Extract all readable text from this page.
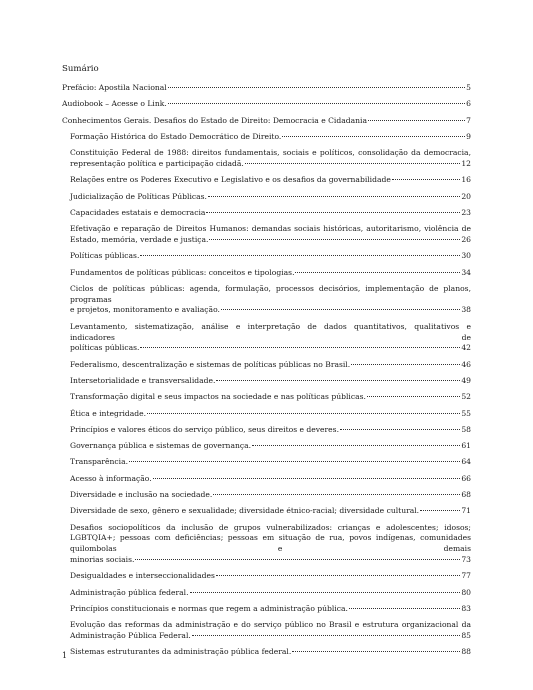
Sumário
Prefácio: Apostila Nacional	5
Audiobook – Acesse o Link.	6
Conhecimentos Gerais. Desafios do Estado de Direito: Democracia e Cidadania	7
Formação Histórica do Estado Democrático de Direito.	9
Constituição Federal de 1988: direitos fundamentais, sociais e políticos, consolidação da democracia,
representação política e participação cidadã.	12
Relações entre os Poderes Executivo e Legislativo e os desafios da governabilidade	16
Judicialização de Políticas Públicas.	20
Capacidades estatais e democracia	23
Efetivação e reparação de Direitos Humanos: demandas sociais históricas, autoritarismo, violência de
Estado, memória, verdade e justiça.	26
Políticas públicas.	30
Fundamentos de políticas públicas: conceitos e tipologias.	34
Ciclos de políticas públicas: agenda, formulação, processos decisórios, implementação de planos, programas
e projetos, monitoramento e avaliação.	38
Levantamento, sistematização, análise e interpretação de dados quantitativos, qualitativos e indicadores de
políticas públicas.	42
Federalismo, descentralização e sistemas de políticas públicas no Brasil.	46
Intersetorialidade e transversalidade.	49
Transformação digital e seus impactos na sociedade e nas políticas públicas.	52
Ética e integridade.	55
Princípios e valores éticos do serviço público, seus direitos e deveres.	58
Governança pública e sistemas de governança.	61
Transparência.	64
Acesso à informação.	66
Diversidade e inclusão na sociedade.	68
Diversidade de sexo, gênero e sexualidade; diversidade étnico-racial; diversidade cultural.	71
Desafios sociopolíticos da inclusão de grupos vulnerabilizados: crianças e adolescentes; idosos; LGBTQIA+; pessoas com deficiências; pessoas em situação de rua, povos indígenas, comunidades quilombolas e demais
minorias sociais.	73
Desigualdades e interseccionalidades	77
Administração pública federal.	80
Princípios constitucionais e normas que regem a administração pública.	83
Evolução das reformas da administração e do serviço público no Brasil e estrutura organizacional da
Administração Pública Federal.	85
Sistemas estruturantes da administração pública federal.	88
1
